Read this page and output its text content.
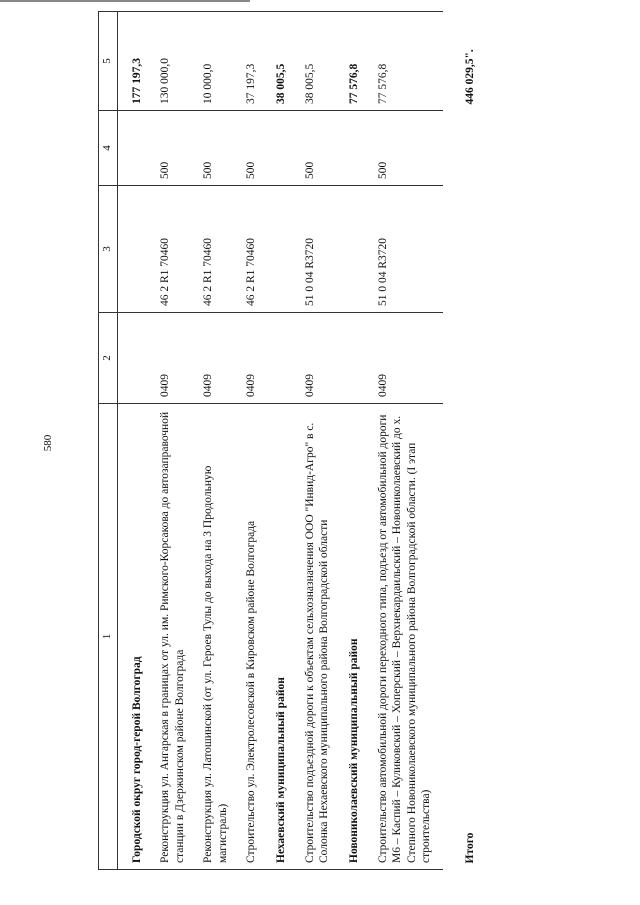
580
1	2	3	4	5

Городской округ город-герой Волгоград				177 197,3
Реконструкция ул. Ангарская в границах от ул. им. Римского-Корсакова до автозаправочной станции в Дзержинском районе Волгограда	0409	46 2 R1 70460	500	130 000,0
Реконструкция ул. Латошинской (от ул. Героев Тулы до выхода на 3 Продольную магистраль)	0409	46 2 R1 70460	500	10 000,0
Строительство ул. Электролесовской в Кировском районе Волгограда	0409	46 2 R1 70460	500	37 197,3
Нехаевский муниципальный район				38 005,5
Строительство подъездной дороги к объектам сельхозназначения ООО "Инвид-Агро" в с. Солонка Нехаевского муниципального района Волгоградской области	0409	51 0 04 R3720	500	38 005,5
Новониколаевский муниципальный район				77 576,8
Строительство автомобильной дороги переходного типа, подъезд от автомобильной дороги М6 – Каспий – Куликовский – Хоперский – Верхнекардаильский – Новониколаевский до х. Степного Новониколаевского муниципального района Волгоградской области. (I этап строительства)	0409	51 0 04 R3720	500	77 576,8
Итого				446 029,5".
